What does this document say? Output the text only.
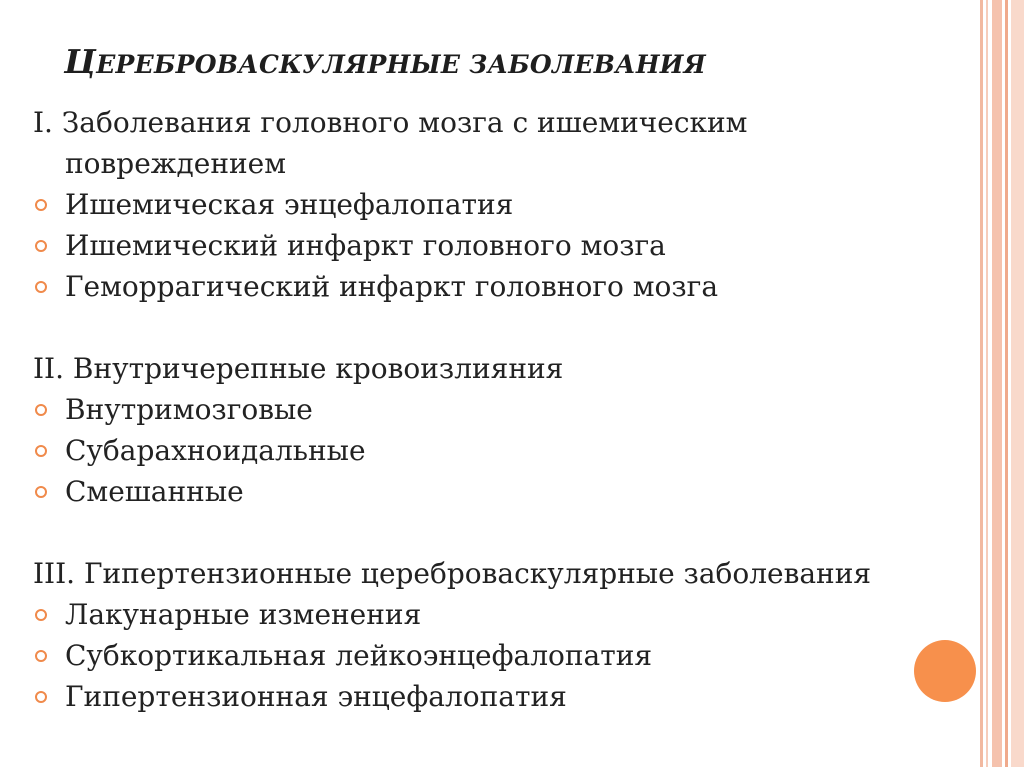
ЦЕРЕБРОВАСКУЛЯРНЫЕ ЗАБОЛЕВАНИЯ
I. Заболевания головного мозга с ишемическим
повреждением
Ишемическая энцефалопатия
Ишемический инфаркт головного мозга
Геморрагический инфаркт головного мозга
II. Внутричерепные кровоизлияния
Внутримозговые
Субарахноидальные
Смешанные
III. Гипертензионные цереброваскулярные заболевания
Лакунарные изменения
Субкортикальная лейкоэнцефалопатия
Гипертензионная энцефалопатия
